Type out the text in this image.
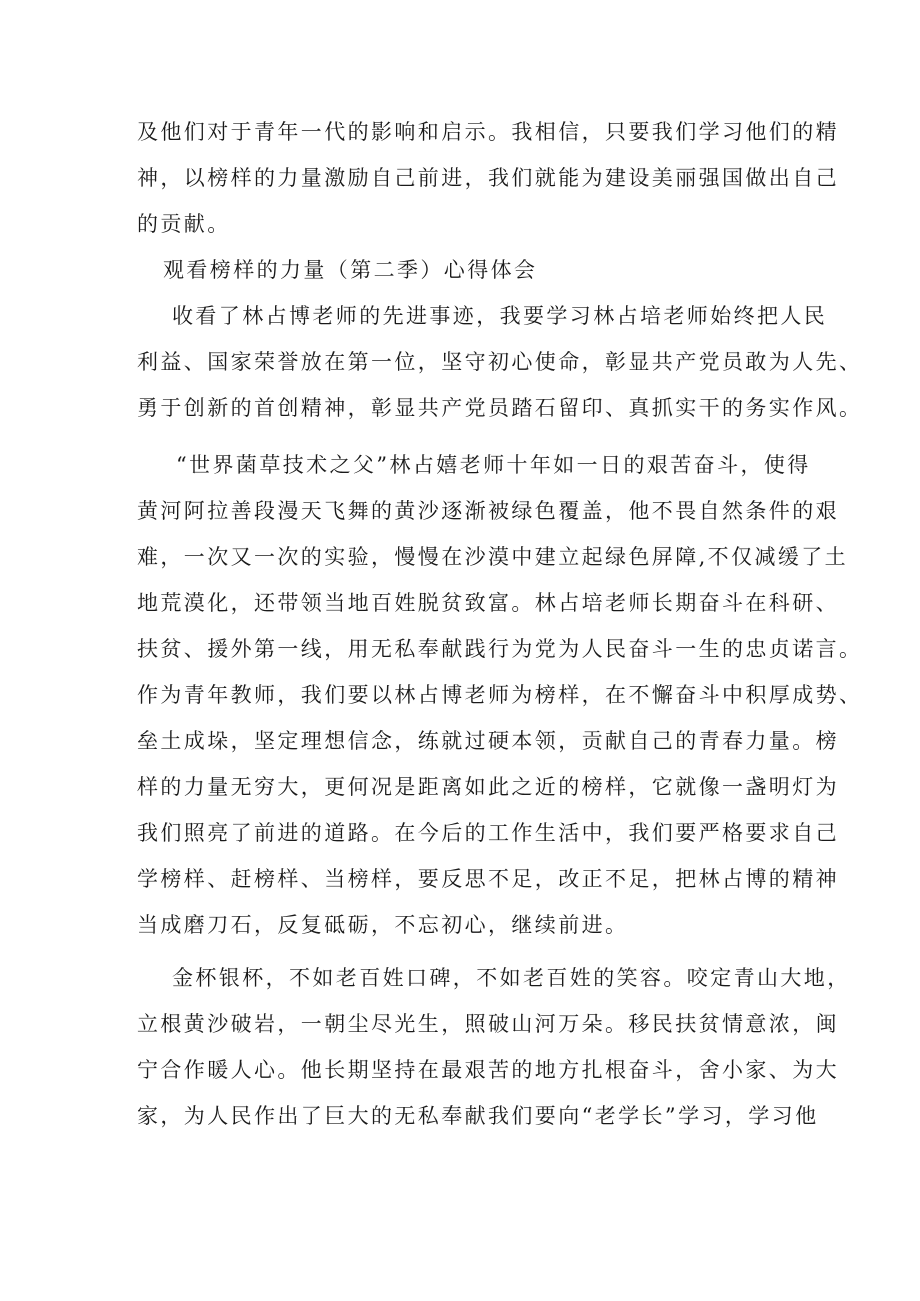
及他们对于青年一代的影响和启示。我相信，只要我们学习他们的精
神，以榜样的力量激励自己前进，我们就能为建设美丽强国做出自己
的贡献。
观看榜样的力量（第二季）心得体会
收看了林占博老师的先进事迹，我要学习林占培老师始终把人民
利益、国家荣誉放在第一位，坚守初心使命，彰显共产党员敢为人先、
勇于创新的首创精神，彰显共产党员踏石留印、真抓实干的务实作风。
“世界菌草技术之父”林占嬉老师十年如一日的艰苦奋斗，使得
黄河阿拉善段漫天飞舞的黄沙逐渐被绿色覆盖，他不畏自然条件的艰
难，一次又一次的实验，慢慢在沙漠中建立起绿色屏障,不仅减缓了土
地荒漠化，还带领当地百姓脱贫致富。林占培老师长期奋斗在科研、
扶贫、援外第一线，用无私奉献践行为党为人民奋斗一生的忠贞诺言。
作为青年教师，我们要以林占博老师为榜样，在不懈奋斗中积厚成势、
垒土成垛，坚定理想信念，练就过硬本领，贡献自己的青春力量。榜
样的力量无穷大，更何况是距离如此之近的榜样，它就像一盏明灯为
我们照亮了前进的道路。在今后的工作生活中，我们要严格要求自己
学榜样、赶榜样、当榜样，要反思不足，改正不足，把林占博的精神
当成磨刀石，反复砥砺，不忘初心，继续前进。
金杯银杯，不如老百姓口碑，不如老百姓的笑容。咬定青山大地，
立根黄沙破岩，一朝尘尽光生，照破山河万朵。移民扶贫情意浓，闽
宁合作暖人心。他长期坚持在最艰苦的地方扎根奋斗，舍小家、为大
家，为人民作出了巨大的无私奉献我们要向“老学长”学习，学习他
